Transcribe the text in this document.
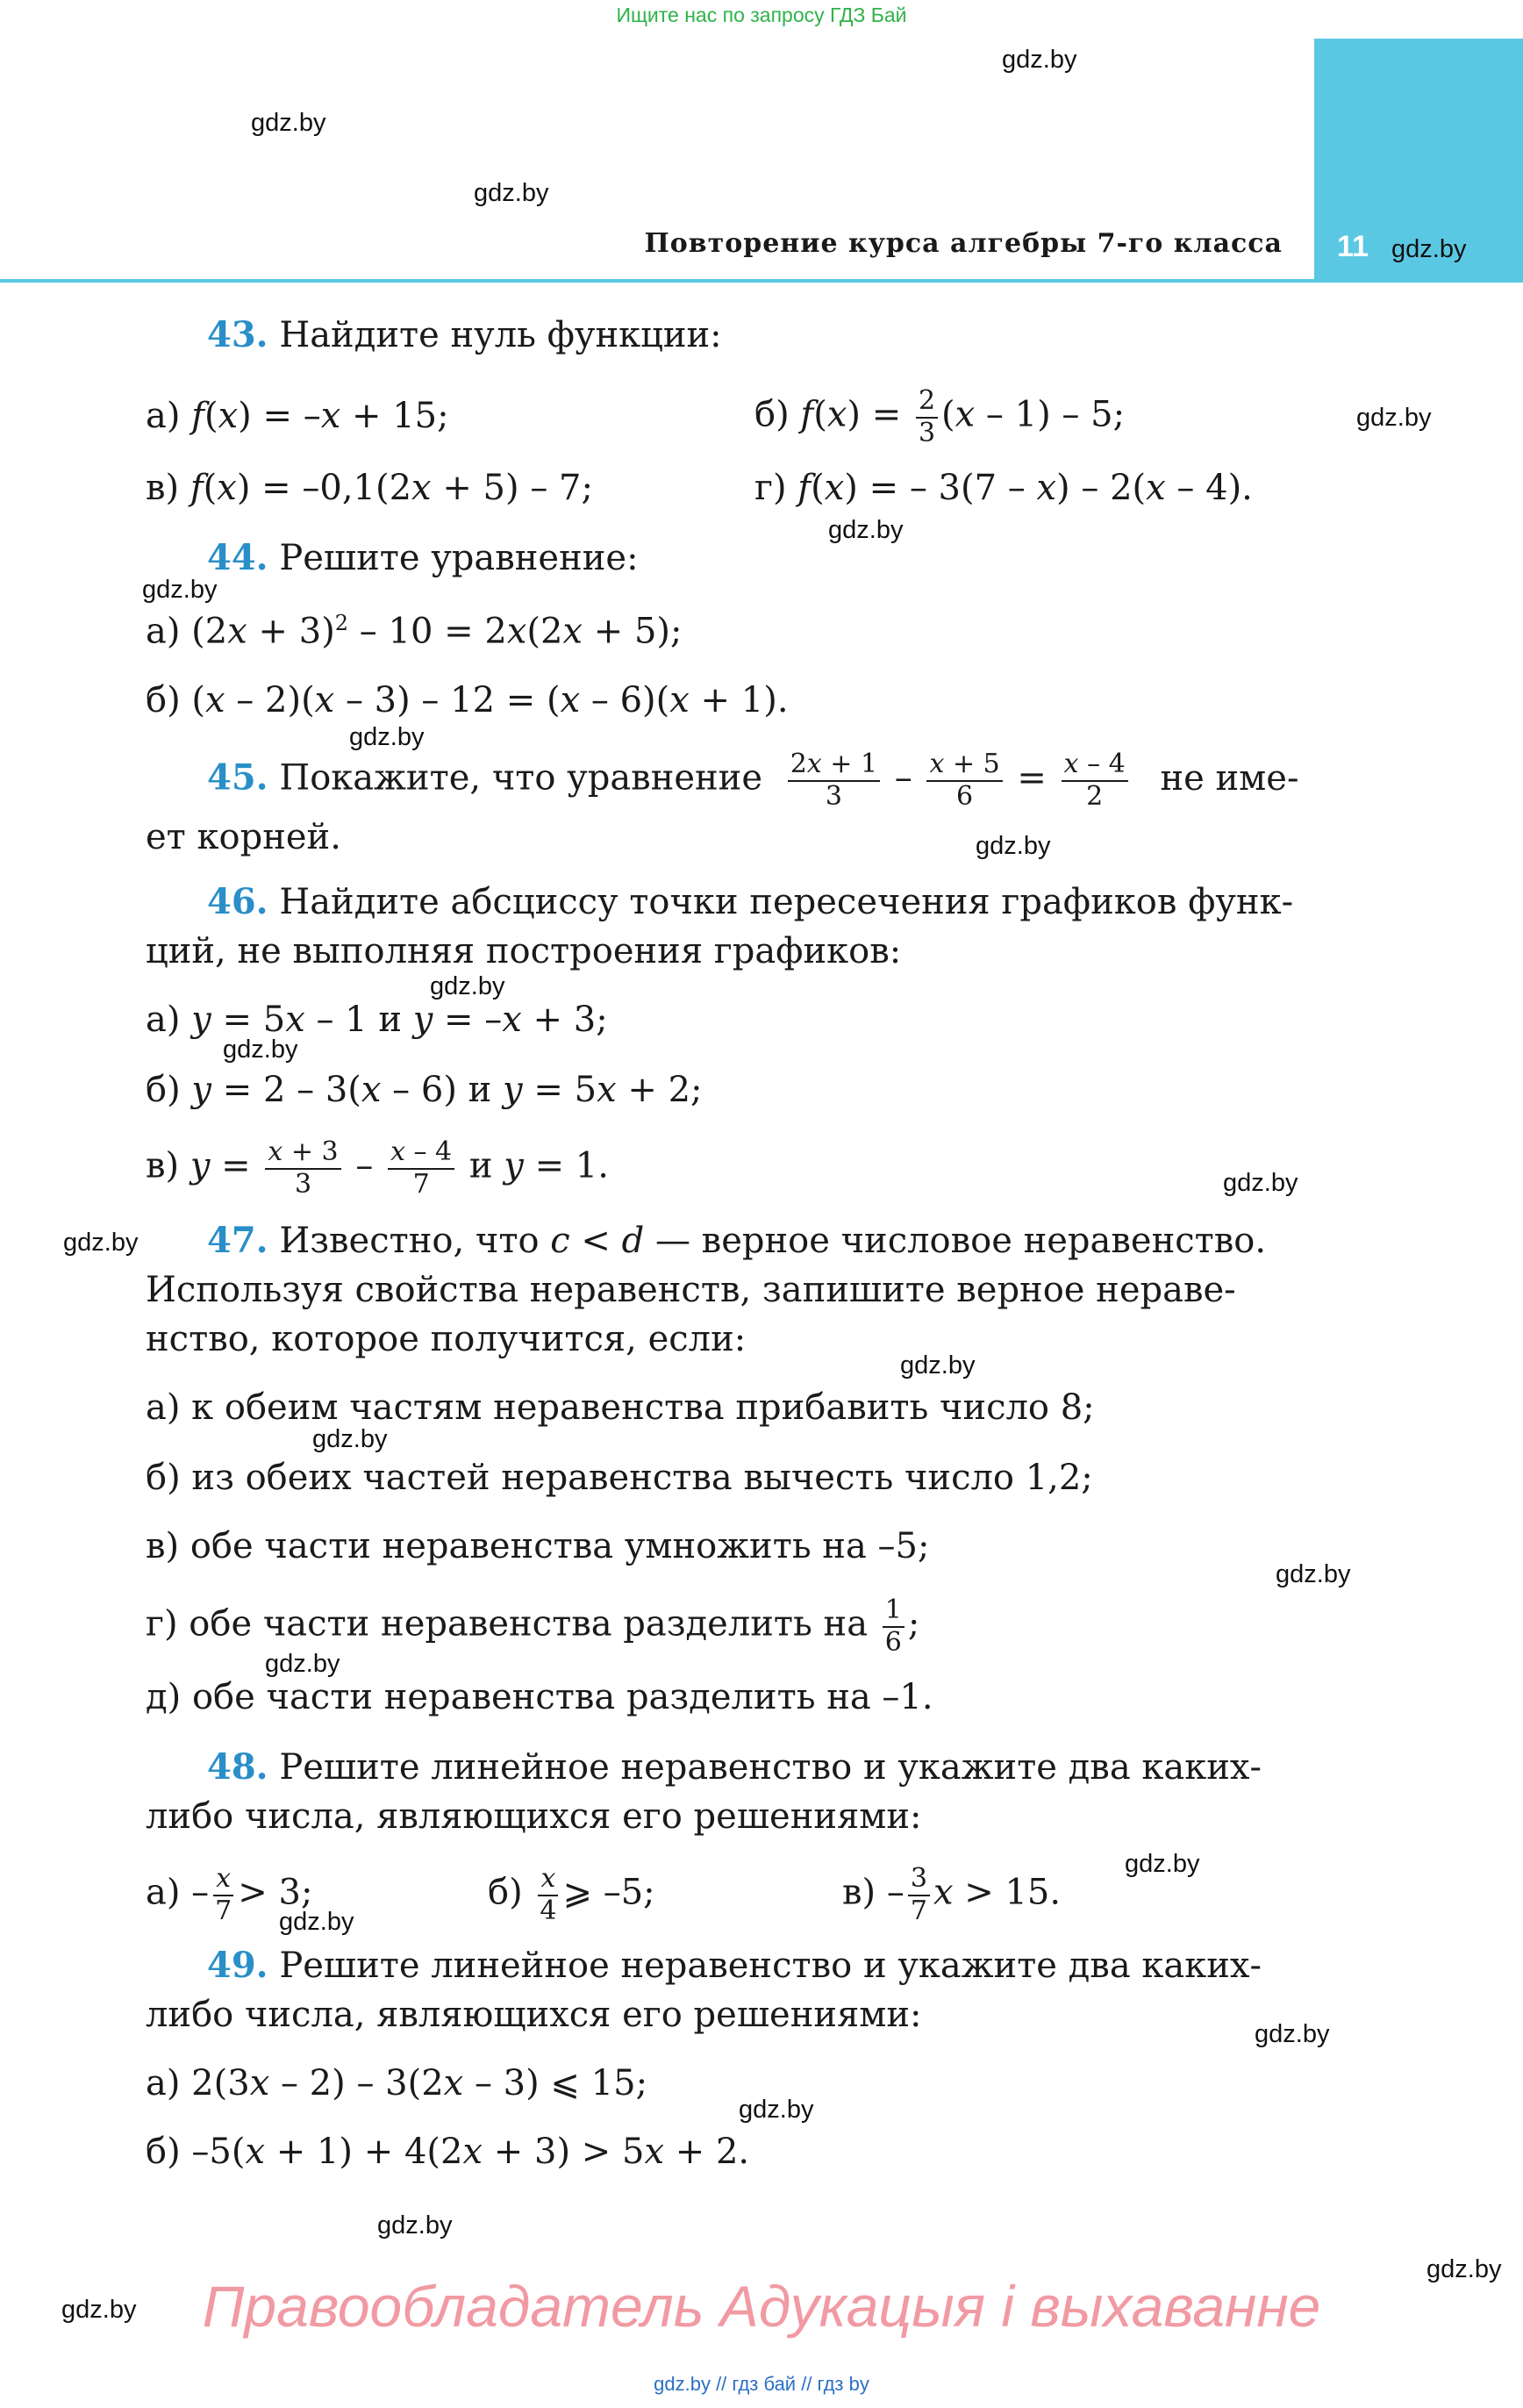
Ищите нас по запросу ГДЗ Бай
11
Повторение курса алгебры 7-го класса
gdz.by
gdz.by
gdz.by
gdz.by
gdz.by
gdz.by
gdz.by
gdz.by
gdz.by
gdz.by
gdz.by
gdz.by
gdz.by
gdz.by
gdz.by
gdz.by
gdz.by
gdz.by
gdz.by
gdz.by
gdz.by
gdz.by
gdz.by
gdz.by
43. Найдите нуль функции:
а) f(x) = –x + 15;	б) $f(x) = \frac{2}{3} (x - 1) - 5$;
в) f(x) = –0,1(2x + 5) – 7;	г) f(x) = – 3(7 – x) – 2(x – 4).
44. Решите уравнение:
а) $(2x + 3)^2 - 10 = 2x(2x + 5)$;
б) (x – 2)(x – 3) – 12 = (x – 6)(x + 1).
45. Покажите, что уравнение $\frac{2x + 1}{3} - \frac{x + 5}{6} = \frac{x - 4}{2}$ не име-
ет корней.
46. Найдите абсциссу точки пересечения графиков функ-
ций, не выполняя построения графиков:
а) y = 5x – 1 и y = –x + 3;
б) y = 2 – 3(x – 6) и y = 5x + 2;
в) $y = \frac{x + 3}{3} - \frac{x - 4}{7}$ и y = 1.
47. Известно, что c < d — верное числовое неравенство.
Используя свойства неравенств, запишите верное нераве-
нство, которое получится, если:
а) к обеим частям неравенства прибавить число 8;
б) из обеих частей неравенства вычесть число 1,2;
в) обе части неравенства умножить на –5;
г) обе части неравенства разделить на $\frac{1}{6}$ ;
д) обе части неравенства разделить на –1.
48. Решите линейное неравенство и укажите два каких-
либо числа, являющихся его решениями:
$а) - \frac{x}{7} > 3$;	$б) \frac{x}{4}$ ⩾ –5;	$в) - \frac{3}{7}$ x > 15.
49. Решите линейное неравенство и укажите два каких-
либо числа, являющихся его решениями:
а) 2(3x – 2) – 3(2x – 3) ⩽ 15;
б) –5(x + 1) + 4(2x + 3) > 5x + 2.
Правообладатель Адукацыя і выхаванне
gdz.by // гдз бай // гдз by
